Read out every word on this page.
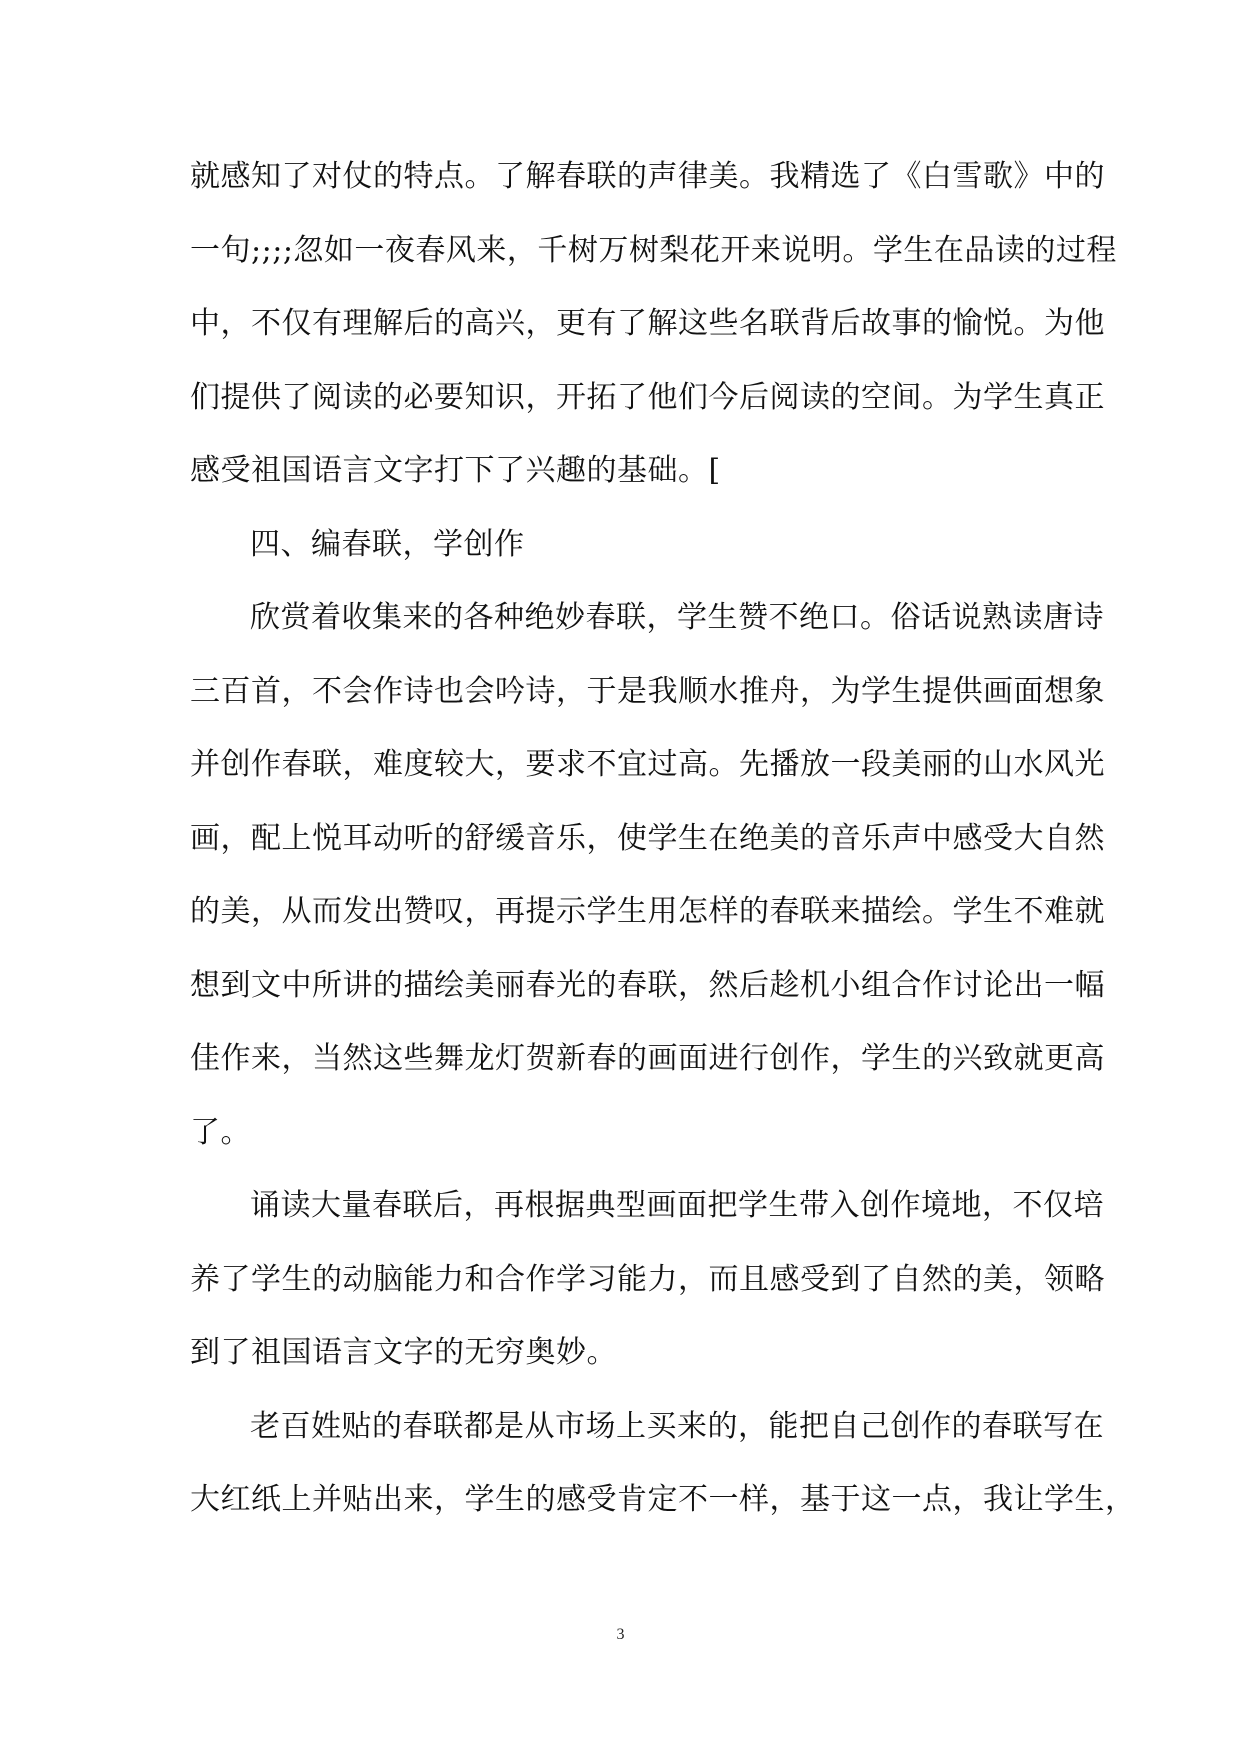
就感知了对仗的特点。了解春联的声律美。我精选了《白雪歌》中的
一句;;;;忽如一夜春风来，千树万树梨花开来说明。学生在品读的过程
中，不仅有理解后的高兴，更有了解这些名联背后故事的愉悦。为他
们提供了阅读的必要知识，开拓了他们今后阅读的空间。为学生真正
感受祖国语言文字打下了兴趣的基础。[
四、编春联，学创作
欣赏着收集来的各种绝妙春联，学生赞不绝口。俗话说熟读唐诗
三百首，不会作诗也会吟诗，于是我顺水推舟，为学生提供画面想象
并创作春联，难度较大，要求不宜过高。先播放一段美丽的山水风光
画，配上悦耳动听的舒缓音乐，使学生在绝美的音乐声中感受大自然
的美，从而发出赞叹，再提示学生用怎样的春联来描绘。学生不难就
想到文中所讲的描绘美丽春光的春联，然后趁机小组合作讨论出一幅
佳作来，当然这些舞龙灯贺新春的画面进行创作，学生的兴致就更高
了。
诵读大量春联后，再根据典型画面把学生带入创作境地，不仅培
养了学生的动脑能力和合作学习能力，而且感受到了自然的美，领略
到了祖国语言文字的无穷奥妙。
老百姓贴的春联都是从市场上买来的，能把自己创作的春联写在
大红纸上并贴出来，学生的感受肯定不一样，基于这一点，我让学生，
3
